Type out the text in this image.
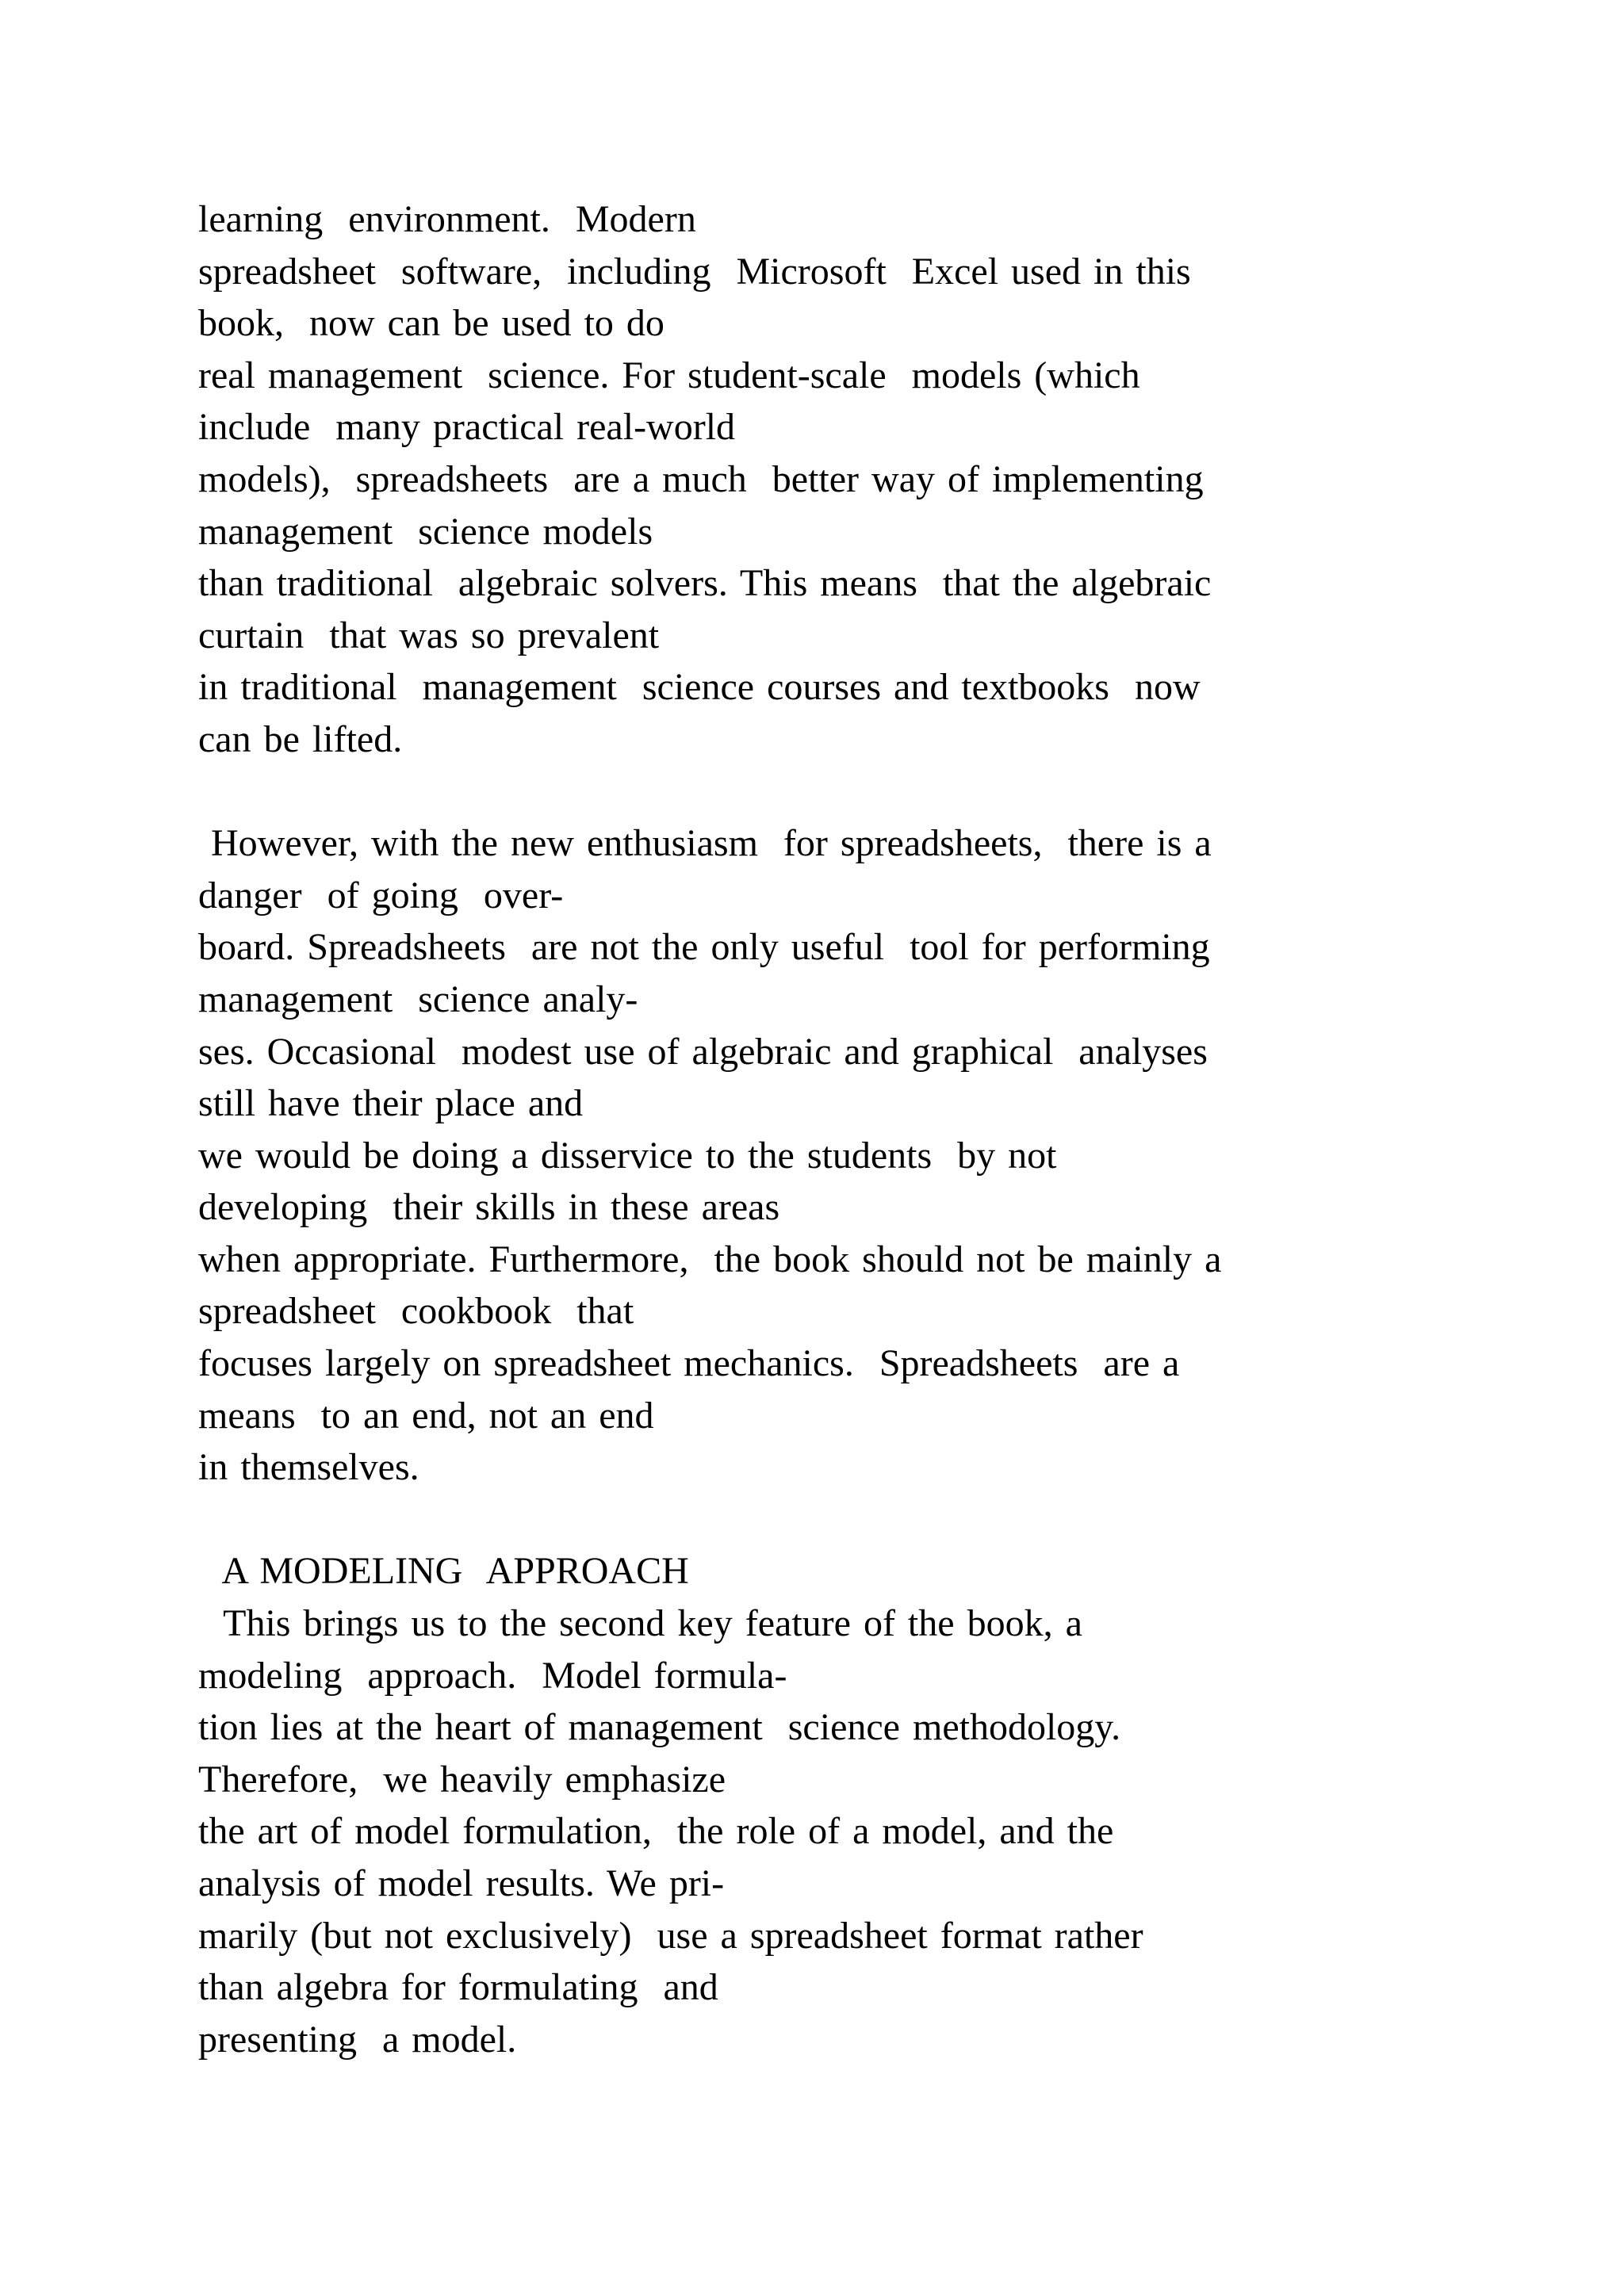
learning  environment.  Modern
spreadsheet  software,  including  Microsoft  Excel used in this
book,  now can be used to do
real management  science. For student-scale  models (which
include  many practical real-world
models),  spreadsheets  are a much  better way of implementing
management  science models
than traditional  algebraic solvers. This means  that the algebraic
curtain  that was so prevalent
in traditional  management  science courses and textbooks  now
can be lifted.
However, with the new enthusiasm  for spreadsheets,  there is a
danger  of going  over-
board. Spreadsheets  are not the only useful  tool for performing
management  science analy-
ses. Occasional  modest use of algebraic and graphical  analyses
still have their place and
we would be doing a disservice to the students  by not
developing  their skills in these areas
when appropriate. Furthermore,  the book should not be mainly a
spreadsheet  cookbook  that
focuses largely on spreadsheet mechanics.  Spreadsheets  are a
means  to an end, not an end
in themselves.
A MODELING  APPROACH
This brings us to the second key feature of the book, a
modeling  approach.  Model formula-
tion lies at the heart of management  science methodology.
Therefore,  we heavily emphasize
the art of model formulation,  the role of a model, and the
analysis of model results. We pri-
marily (but not exclusively)  use a spreadsheet format rather
than algebra for formulating  and
presenting  a model.
